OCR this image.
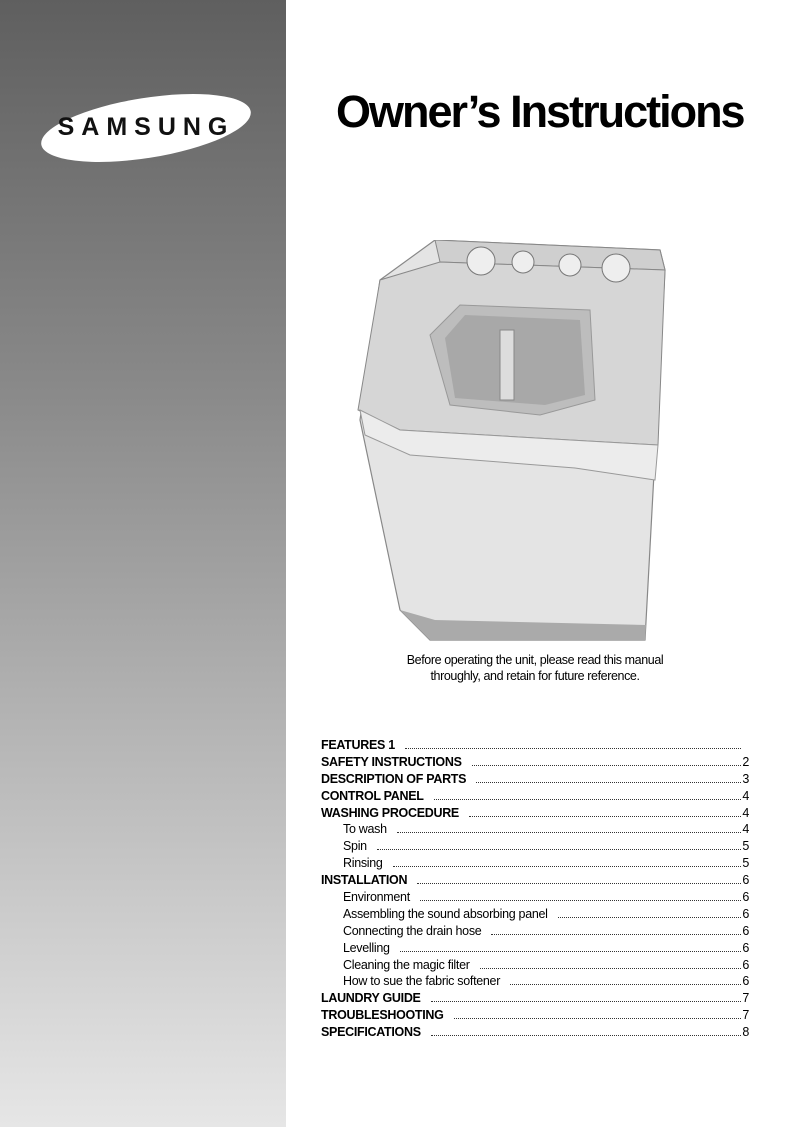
SAMSUNG	Owner’s Instructions
Before operating the unit, please read this manual
throughly, and retain for future reference.
FEATURES 1
SAFETY INSTRUCTIONS	2
DESCRIPTION OF PARTS	3
CONTROL PANEL	4
WASHING PROCEDURE	4
To wash	4
Spin	5
Rinsing	5
INSTALLATION	6
Environment	6
Assembling the sound absorbing panel	6
Connecting the drain hose	6
Levelling	6
Cleaning the magic filter	6
How to sue the fabric softener	6
LAUNDRY GUIDE	7
TROUBLESHOOTING	7
SPECIFICATIONS	8
